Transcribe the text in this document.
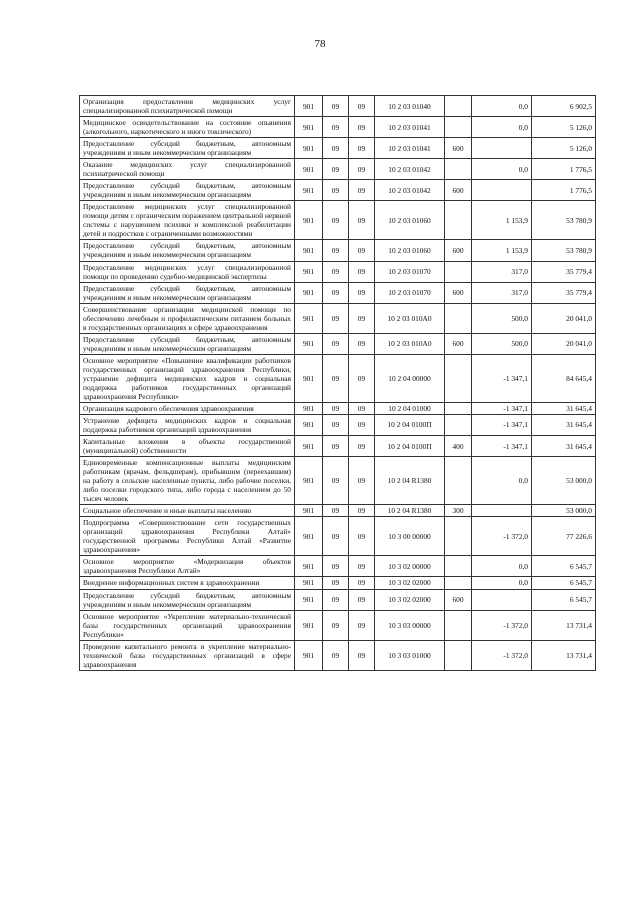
78
Организация предоставления медицинских услуг специализированной психиатрической помощи	901	09	09	10 2 03 01040		0,0	6 902,5
Медицинское освидетельствование на состояние опьянения (алкогольного, наркотического и иного токсического)	901	09	09	10 2 03 01041		0,0	5 126,0
Предоставление субсидий бюджетным, автономным учреждениям и иным некоммерческим организациям	901	09	09	10 2 03 01041	600		5 126,0
Оказание медицинских услуг специализированной психиатрической помощи	901	09	09	10 2 03 01042		0,0	1 776,5
Предоставление субсидий бюджетным, автономным учреждениям и иным некоммерческим организациям	901	09	09	10 2 03 01042	600		1 776,5
Предоставление медицинских услуг специализированной помощи детям с органическим поражением центральной нервной системы с нарушением психики и комплексной реабилитации детей и подростков с ограниченными возможностями	901	09	09	10 2 03 01060		1 153,9	53 780,9
Предоставление субсидий бюджетным, автономным учреждениям и иным некоммерческим организациям	901	09	09	10 2 03 01060	600	1 153,9	53 780,9
Предоставление медицинских услуг специализированной помощи по проведению судебно-медицинской экспертизы	901	09	09	10 2 03 01070		317,0	35 779,4
Предоставление субсидий бюджетным, автономным учреждениям и иным некоммерческим организациям	901	09	09	10 2 03 01070	600	317,0	35 779,4
Совершенствование организации медицинской помощи по обеспечению лечебным и профилактическим питанием больных в государственных организациях в сфере здравоохранения	901	09	09	10 2 03 010А0		500,0	20 041,0
Предоставление субсидий бюджетным, автономным учреждениям и иным некоммерческим организациям	901	09	09	10 2 03 010А0	600	500,0	20 041,0
Основное мероприятие «Повышение квалификации работников государственных организаций здравоохранения Республики, устранение дефицита медицинских кадров и социальная поддержка работников государственных организаций здравоохранения Республики»	901	09	09	10 2 04 00000		-1 347,1	84 645,4
Организация кадрового обеспечения здравоохранения	901	09	09	10 2 04 01000		-1 347,1	31 645,4
Устранение дефицита медицинских кадров и социальная поддержка работников организаций здравоохранения	901	09	09	10 2 04 0100П		-1 347,1	31 645,4
Капитальные вложения в объекты государственной (муниципальной) собственности	901	09	09	10 2 04 0100П	400	-1 347,1	31 645,4
Единовременные компенсационные выплаты медицинским работникам (врачам, фельдшерам), прибывшим (переехавшим) на работу в сельские населенные пункты, либо рабочие поселки, либо поселки городского типа, либо города с населением до 50 тысяч человек	901	09	09	10 2 04 R1380		0,0	53 000,0
Социальное обеспечение и иные выплаты населению	901	09	09	10 2 04 R1380	300		53 000,0
Подпрограмма «Совершенствование сети государственных организаций здравоохранения Республики Алтай» государственной программы Республики Алтай «Развитие здравоохранения»	901	09	09	10 3 00 00000		-1 372,0	77 226,6
Основное мероприятие «Модернизация объектов здравоохранения Республики Алтай»	901	09	09	10 3 02 00000		0,0	6 545,7
Внедрение информационных систем в здравоохранении	901	09	09	10 3 02 02000		0,0	6 545,7
Предоставление субсидий бюджетным, автономным учреждениям и иным некоммерческим организациям	901	09	09	10 3 02 02000	600		6 545,7
Основное мероприятие «Укрепление материально-технической базы государственных организаций здравоохранения Республики»	901	09	09	10 3 03 00000		-1 372,0	13 731,4
Проведение капитального ремонта и укрепление материально-технической базы государственных организаций в сфере здравоохранения	901	09	09	10 3 03 01000		-1 372,0	13 731,4
